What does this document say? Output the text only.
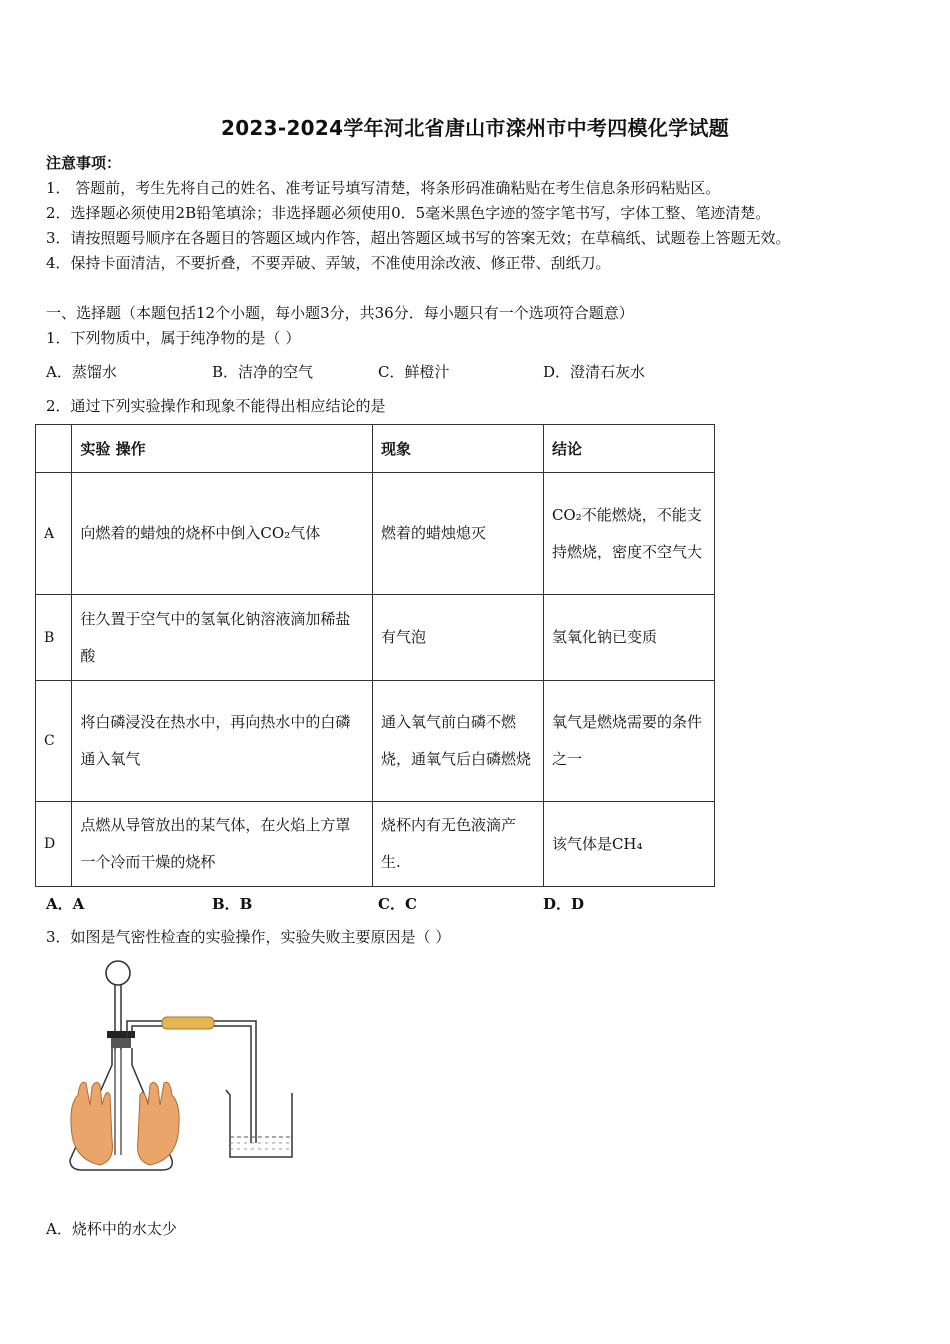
2023-2024学年河北省唐山市滦州市中考四模化学试题
注意事项：
1． 答题前，考生先将自己的姓名、准考证号填写清楚，将条形码准确粘贴在考生信息条形码粘贴区。
2．选择题必须使用2B铅笔填涂；非选择题必须使用0．5毫米黑色字迹的签字笔书写，字体工整、笔迹清楚。
3．请按照题号顺序在各题目的答题区域内作答，超出答题区域书写的答案无效；在草稿纸、试题卷上答题无效。
4．保持卡面清洁，不要折叠，不要弄破、弄皱，不准使用涂改液、修正带、刮纸刀。
一、选择题（本题包括12个小题，每小题3分，共36分．每小题只有一个选项符合题意）
1．下列物质中，属于纯净物的是（ ）
A．蒸馏水	B．洁净的空气	C．鲜橙汁	D．澄清石灰水
2．通过下列实验操作和现象不能得出相应结论的是
	实验 操作	现象	结论
A	向燃着的蜡烛的烧杯中倒入CO₂气体	燃着的蜡烛熄灭	CO₂不能燃烧，不能支持燃烧，密度不空气大
B	往久置于空气中的氢氧化钠溶液滴加稀盐酸	有气泡	氢氧化钠已变质
C	将白磷浸没在热水中，再向热水中的白磷通入氧气	通入氧气前白磷不燃烧，通氧气后白磷燃烧	氧气是燃烧需要的条件之一
D	点燃从导管放出的某气体，在火焰上方罩一个冷而干燥的烧杯	烧杯内有无色液滴产生.	该气体是CH₄
A．A	B．B	C．C	D．D
3．如图是气密性检查的实验操作，实验失败主要原因是（ ）
A．烧杯中的水太少
